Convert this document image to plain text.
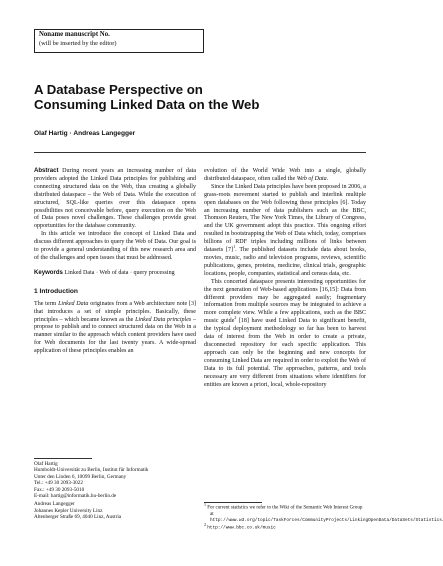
Noname manuscript No.
(will be inserted by the editor)
A Database Perspective on
Consuming Linked Data on the Web
Olaf Hartig · Andreas Langegger

Abstract During recent years an increasing number of data providers adopted the Linked Data principles for publishing and connecting structured data on the Web, thus creating a globally distributed dataspace – the Web of Data. While the execution of structured, SQL-like queries over this dataspace opens possibilities not conceivable before, query execution on the Web of Data poses novel challenges. These challenges provide great opportunities for the database community.

In this article we introduce the concept of Linked Data and discuss different approaches to query the Web of Data. Our goal is to provide a general understanding of this new research area and of the challenges and open issues that must be addressed.

Keywords Linked Data · Web of data · query processing

1 Introduction

The term Linked Data originates from a Web architecture note [3] that introduces a set of simple principles. Basically, these principles – which became known as the Linked Data principles – propose to publish and to connect structured data on the Web in a manner similar to the approach which content providers have used for Web documents for the last twenty years. A wide-spread application of these principles enables an

Olaf Hartig
Humboldt-Universität zu Berlin, Institut für Informatik
Unter den Linden 6, 10099 Berlin, Germany
Tel.: +49 30 2093-3022
Fax.: +49 30 2093-5010
E-mail: hartig@informatik.hu-berlin.de
Andreas Langegger
Johannes Kepler University Linz
Altenberger Straße 69, 4040 Linz, Austria

evolution of the World Wide Web into a single, globally distributed dataspace, often called the Web of Data.

Since the Linked Data principles have been proposed in 2006, a grass-roots movement started to publish and interlink multiple open databases on the Web following these principles [6]. Today an increasing number of data publishers such as the BBC, Thomson Reuters, The New York Times, the Library of Congress, and the UK government adopt this practice. This ongoing effort resulted in bootstrapping the Web of Data which, today, comprises billions of RDF triples including millions of links between datasets $[7]^1$. The published datasets include data about books, movies, music, radio and television programs, reviews, scientific publications, genes, proteins, medicine, clinical trials, geographic locations, people, companies, statistical and census data, etc.

This concerted dataspace presents interesting opportunities for the next generation of Web-based applications [16,15]: Data from different providers may be aggregated easily; fragmentary information from multiple sources may be integrated to achieve a more complete view. While a few applications, such as the BBC music guide$^2$ [18] have used Linked Data to significant benefit, the typical deployment methodology so far has been to harvest data of interest from the Web in order to create a private, disconnected repository for each specific application. This approach can only be the beginning and new concepts for consuming Linked Data are required in order to exploit the Web of Data to its full potential. The approaches, patterns, and tools necessary are very different from situations where identifiers for entities are known a priori, local, whole-repository

$^1$ For current statistics we refer to the Wiki of the Semantic Web Interest Group at http://www.w3.org/topic/TaskForces/CommunityProjects/LinkingOpenData/DataSets/Statistics.

$^2$ http://www.bbc.co.uk/music
